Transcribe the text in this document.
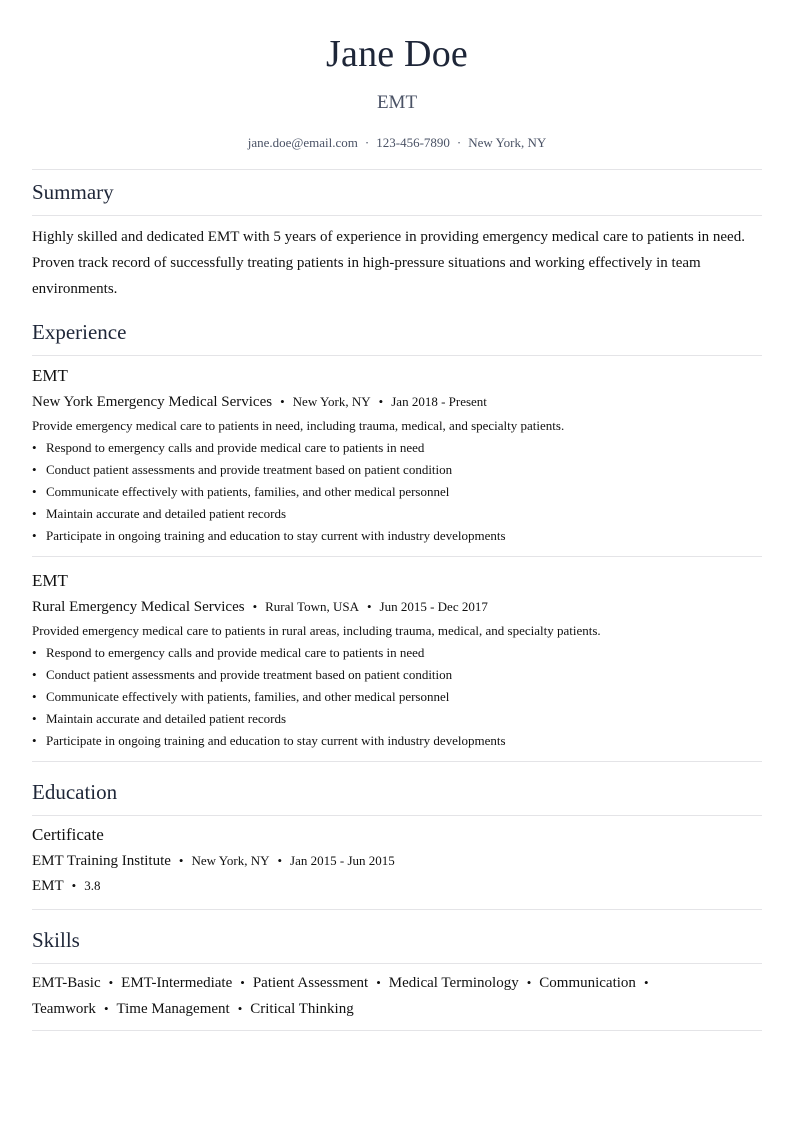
Jane Doe
EMT
jane.doe@email.com · 123-456-7890 · New York, NY
Summary
Highly skilled and dedicated EMT with 5 years of experience in providing emergency medical care to patients in need. Proven track record of successfully treating patients in high-pressure situations and working effectively in team environments.
Experience
EMT
New York Emergency Medical Services • New York, NY • Jan 2018 - Present
Provide emergency medical care to patients in need, including trauma, medical, and specialty patients.
• Respond to emergency calls and provide medical care to patients in need
• Conduct patient assessments and provide treatment based on patient condition
• Communicate effectively with patients, families, and other medical personnel
• Maintain accurate and detailed patient records
• Participate in ongoing training and education to stay current with industry developments
EMT
Rural Emergency Medical Services • Rural Town, USA • Jun 2015 - Dec 2017
Provided emergency medical care to patients in rural areas, including trauma, medical, and specialty patients.
• Respond to emergency calls and provide medical care to patients in need
• Conduct patient assessments and provide treatment based on patient condition
• Communicate effectively with patients, families, and other medical personnel
• Maintain accurate and detailed patient records
• Participate in ongoing training and education to stay current with industry developments
Education
Certificate
EMT Training Institute • New York, NY • Jan 2015 - Jun 2015
EMT • 3.8
Skills
EMT-Basic • EMT-Intermediate • Patient Assessment • Medical Terminology • Communication •
Teamwork • Time Management • Critical Thinking
